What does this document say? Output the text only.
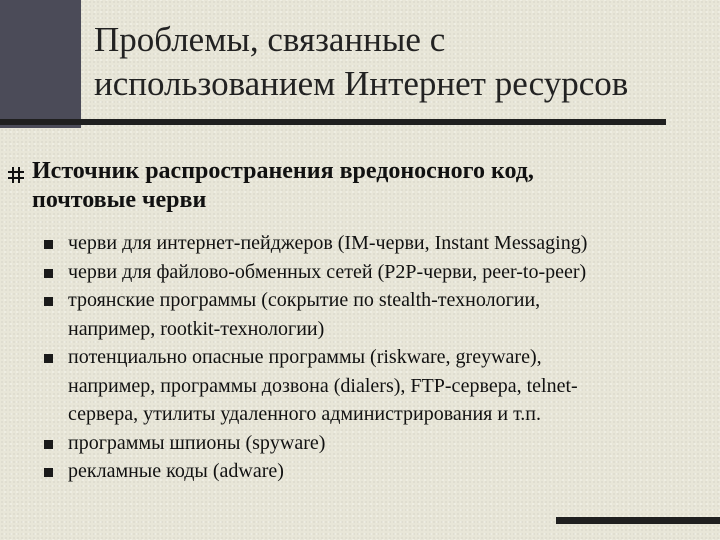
Проблемы, связанные с
использованием Интернет ресурсов

Источник распространения вредоносного код,
почтовые черви

черви для интернет-пейджеров (IM-черви, Instant Messaging)
черви для файлово-обменных сетей (P2P-черви, peer-to-peer)
троянские программы (сокрытие по stealth-технологии,
например, rootkit-технологии)
потенциально опасные программы (riskware, greyware),
например, программы дозвона (dialers), FTP-сервера, telnet-
сервера, утилиты удаленного администрирования и т.п.
программы шпионы (spyware)
рекламные коды (adware)
